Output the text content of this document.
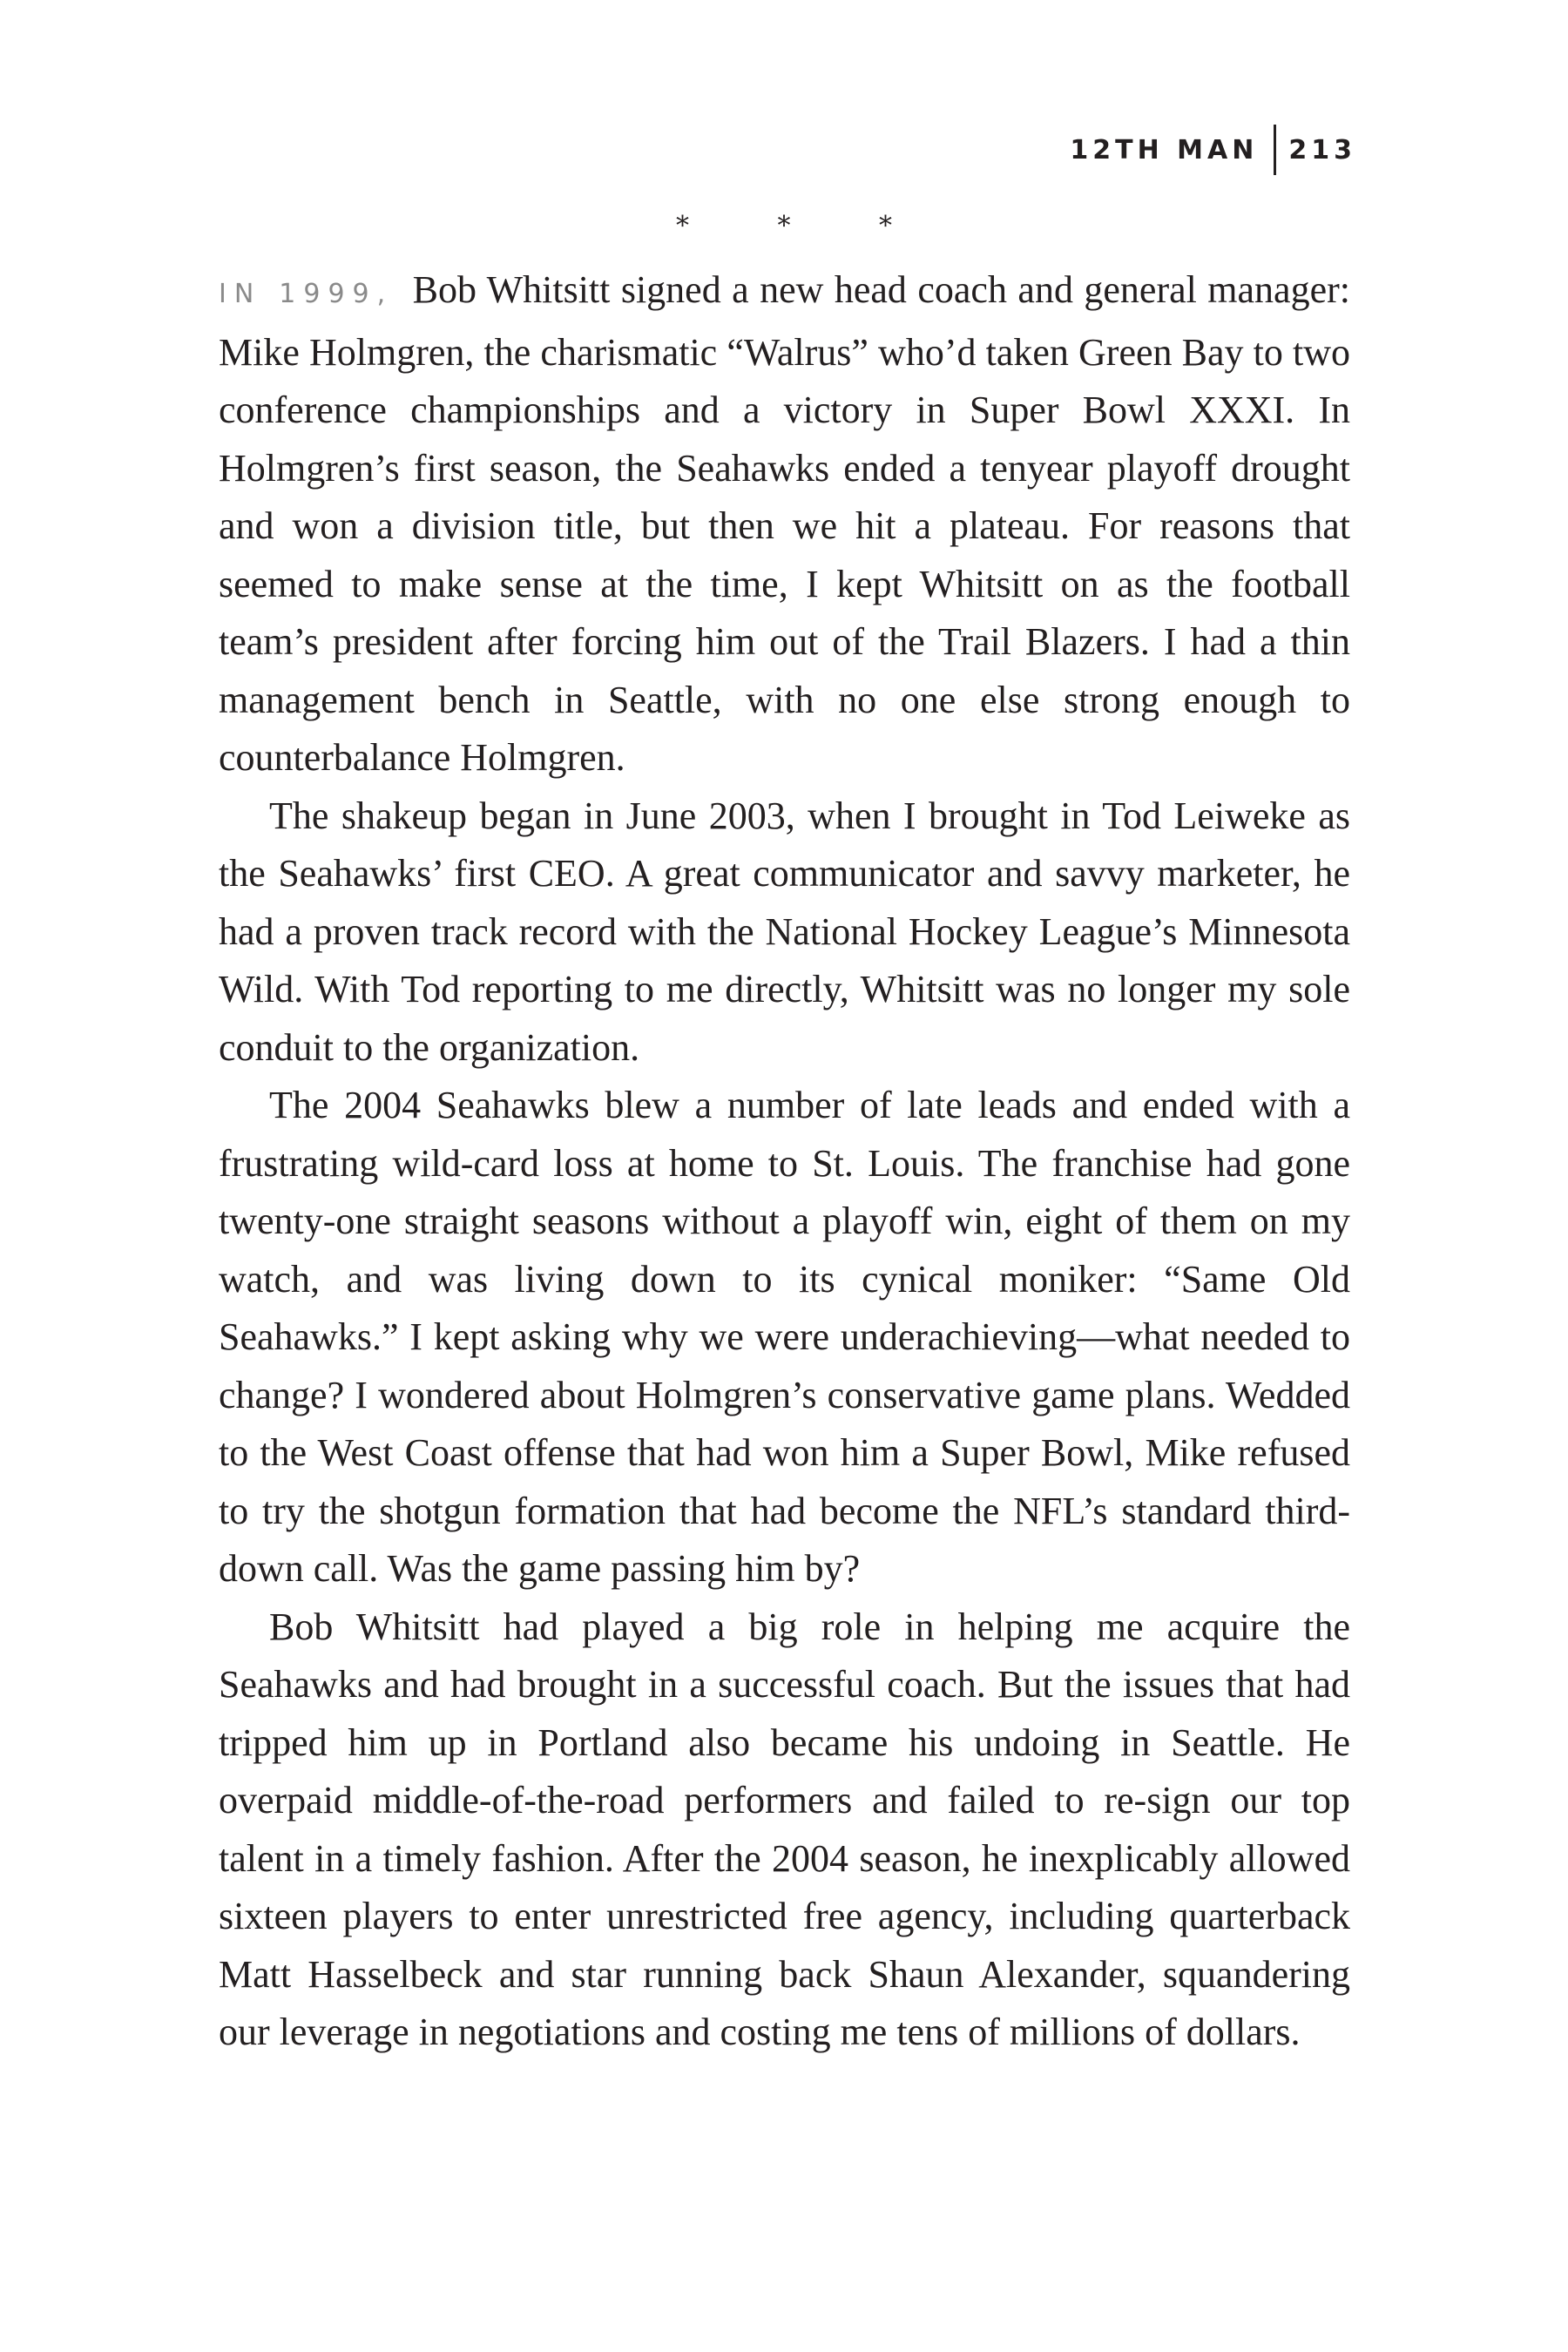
12TH MAN 213
*	*	*

IN 1999, Bob Whitsitt signed a new head coach and general manager: Mike Holmgren, the charismatic “Walrus” who’d taken Green Bay to two conference championships and a victory in Super Bowl XXXI. In Holmgren’s first season, the Seahawks ended a tenyear playoff drought and won a division title, but then we hit a plateau. For reasons that seemed to make sense at the time, I kept Whitsitt on as the football team’s president after forcing him out of the Trail Blazers. I had a thin management bench in Seattle, with no one else strong enough to counterbalance Holmgren.

The shakeup began in June 2003, when I brought in Tod Leiweke as the Seahawks’ first CEO. A great communicator and savvy marketer, he had a proven track record with the National Hockey League’s Minnesota Wild. With Tod reporting to me directly, Whitsitt was no longer my sole conduit to the organization.

The 2004 Seahawks blew a number of late leads and ended with a frustrating wild-card loss at home to St. Louis. The franchise had gone twenty-one straight seasons without a playoff win, eight of them on my watch, and was living down to its cynical moniker: “Same Old Seahawks.” I kept asking why we were underachieving—what needed to change? I wondered about Holmgren’s conservative game plans. Wedded to the West Coast offense that had won him a Super Bowl, Mike refused to try the shotgun formation that had become the NFL’s standard third-down call. Was the game passing him by?

Bob Whitsitt had played a big role in helping me acquire the Seahawks and had brought in a successful coach. But the issues that had tripped him up in Portland also became his undoing in Seattle. He overpaid middle-of-the-road performers and failed to re-sign our top talent in a timely fashion. After the 2004 season, he inexplicably allowed sixteen players to enter unrestricted free agency, including quarterback Matt Hasselbeck and star running back Shaun Alexander, squandering our leverage in negotiations and costing me tens of millions of dollars.
